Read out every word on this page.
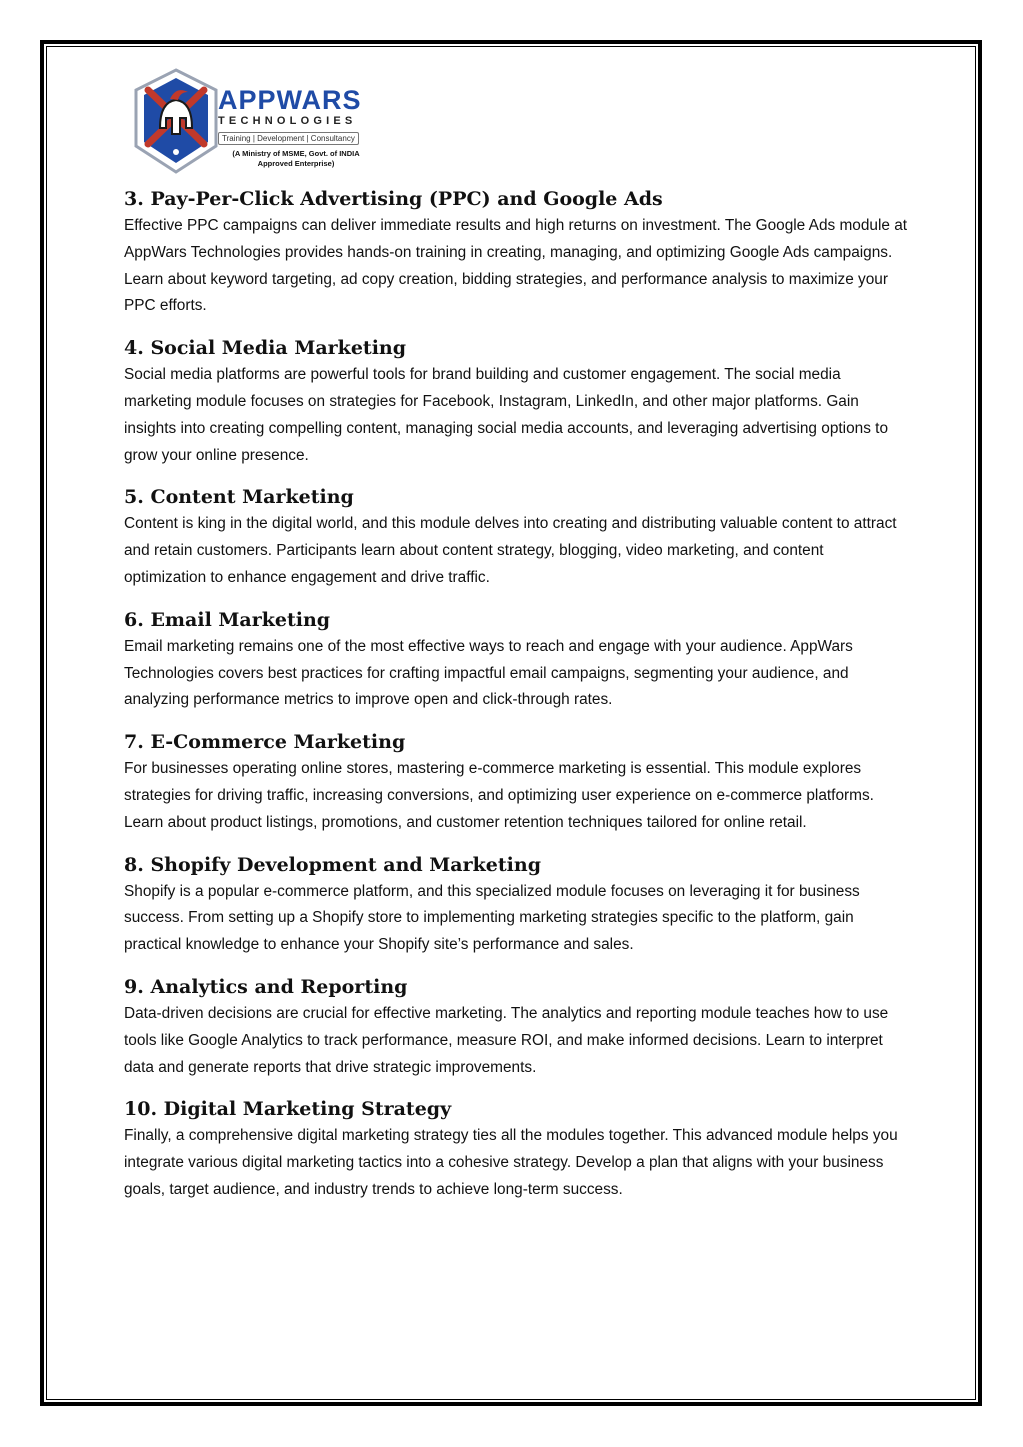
APPWARS
TECHNOLOGIES
Training | Development | Consultancy
(A Ministry of MSME, Govt. of INDIA
Approved Enterprise)
3. Pay-Per-Click Advertising (PPC) and Google Ads

Effective PPC campaigns can deliver immediate results and high returns on investment. The Google Ads module at AppWars Technologies provides hands-on training in creating, managing, and optimizing Google Ads campaigns. Learn about keyword targeting, ad copy creation, bidding strategies, and performance analysis to maximize your PPC efforts.

4. Social Media Marketing

Social media platforms are powerful tools for brand building and customer engagement. The social media marketing module focuses on strategies for Facebook, Instagram, LinkedIn, and other major platforms. Gain insights into creating compelling content, managing social media accounts, and leveraging advertising options to grow your online presence.

5. Content Marketing

Content is king in the digital world, and this module delves into creating and distributing valuable content to attract and retain customers. Participants learn about content strategy, blogging, video marketing, and content optimization to enhance engagement and drive traffic.

6. Email Marketing

Email marketing remains one of the most effective ways to reach and engage with your audience. AppWars Technologies covers best practices for crafting impactful email campaigns, segmenting your audience, and analyzing performance metrics to improve open and click-through rates.

7. E-Commerce Marketing

For businesses operating online stores, mastering e-commerce marketing is essential. This module explores strategies for driving traffic, increasing conversions, and optimizing user experience on e-commerce platforms. Learn about product listings, promotions, and customer retention techniques tailored for online retail.

8. Shopify Development and Marketing

Shopify is a popular e-commerce platform, and this specialized module focuses on leveraging it for business success. From setting up a Shopify store to implementing marketing strategies specific to the platform, gain practical knowledge to enhance your Shopify site’s performance and sales.

9. Analytics and Reporting

Data-driven decisions are crucial for effective marketing. The analytics and reporting module teaches how to use tools like Google Analytics to track performance, measure ROI, and make informed decisions. Learn to interpret data and generate reports that drive strategic improvements.

10. Digital Marketing Strategy

Finally, a comprehensive digital marketing strategy ties all the modules together. This advanced module helps you integrate various digital marketing tactics into a cohesive strategy. Develop a plan that aligns with your business goals, target audience, and industry trends to achieve long-term success.
